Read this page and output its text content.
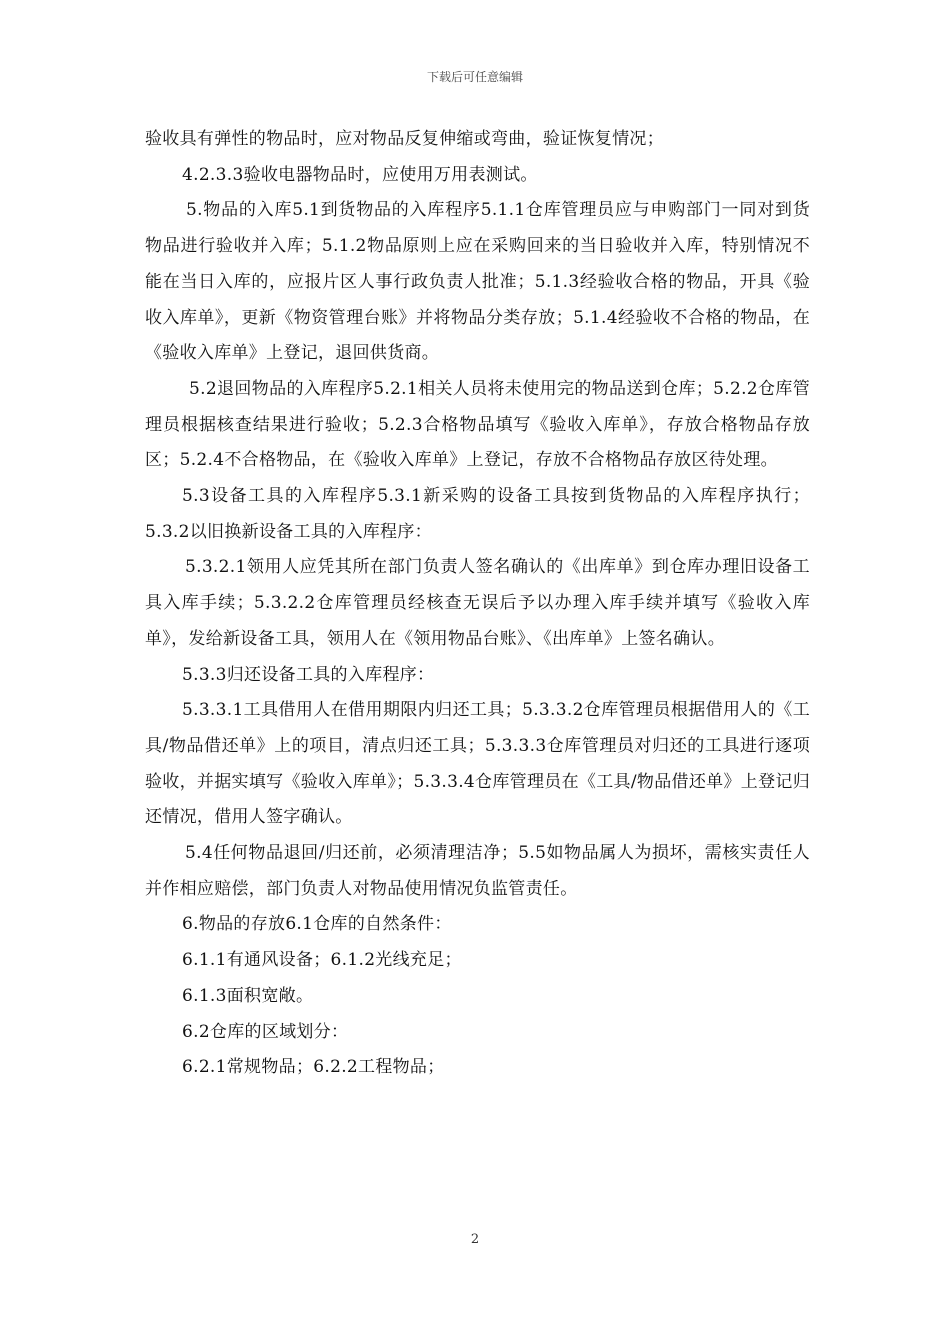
下载后可任意编辑

验收具有弹性的物品时，应对物品反复伸缩或弯曲，验证恢复情况；

4.2.3.3验收电器物品时，应使用万用表测试。

5.物品的入库5.1到货物品的入库程序5.1.1仓库管理员应与申购部门一同对到货物品进行验收并入库；5.1.2物品原则上应在采购回来的当日验收并入库，特别情况不能在当日入库的，应报片区人事行政负责人批准；5.1.3经验收合格的物品，开具《验收入库单》，更新《物资管理台账》并将物品分类存放；5.1.4经验收不合格的物品，在《验收入库单》上登记，退回供货商。

5.2退回物品的入库程序5.2.1相关人员将未使用完的物品送到仓库；5.2.2仓库管理员根据核查结果进行验收；5.2.3合格物品填写《验收入库单》，存放合格物品存放区；5.2.4不合格物品，在《验收入库单》上登记，存放不合格物品存放区待处理。

5.3设备工具的入库程序5.3.1新采购的设备工具按到货物品的入库程序执行；5.3.2以旧换新设备工具的入库程序：

5.3.2.1领用人应凭其所在部门负责人签名确认的《出库单》到仓库办理旧设备工具入库手续；5.3.2.2仓库管理员经核查无误后予以办理入库手续并填写《验收入库单》，发给新设备工具，领用人在《领用物品台账》、《出库单》上签名确认。

5.3.3归还设备工具的入库程序：

5.3.3.1工具借用人在借用期限内归还工具；5.3.3.2仓库管理员根据借用人的《工具/物品借还单》上的项目，清点归还工具；5.3.3.3仓库管理员对归还的工具进行逐项验收，并据实填写《验收入库单》；5.3.3.4仓库管理员在《工具/物品借还单》上登记归还情况，借用人签字确认。

5.4任何物品退回/归还前，必须清理洁净；5.5如物品属人为损坏，需核实责任人并作相应赔偿，部门负责人对物品使用情况负监管责任。

6.物品的存放6.1仓库的自然条件：

6.1.1有通风设备；6.1.2光线充足；

6.1.3面积宽敞。

6.2仓库的区域划分：

6.2.1常规物品；6.2.2工程物品；

2
